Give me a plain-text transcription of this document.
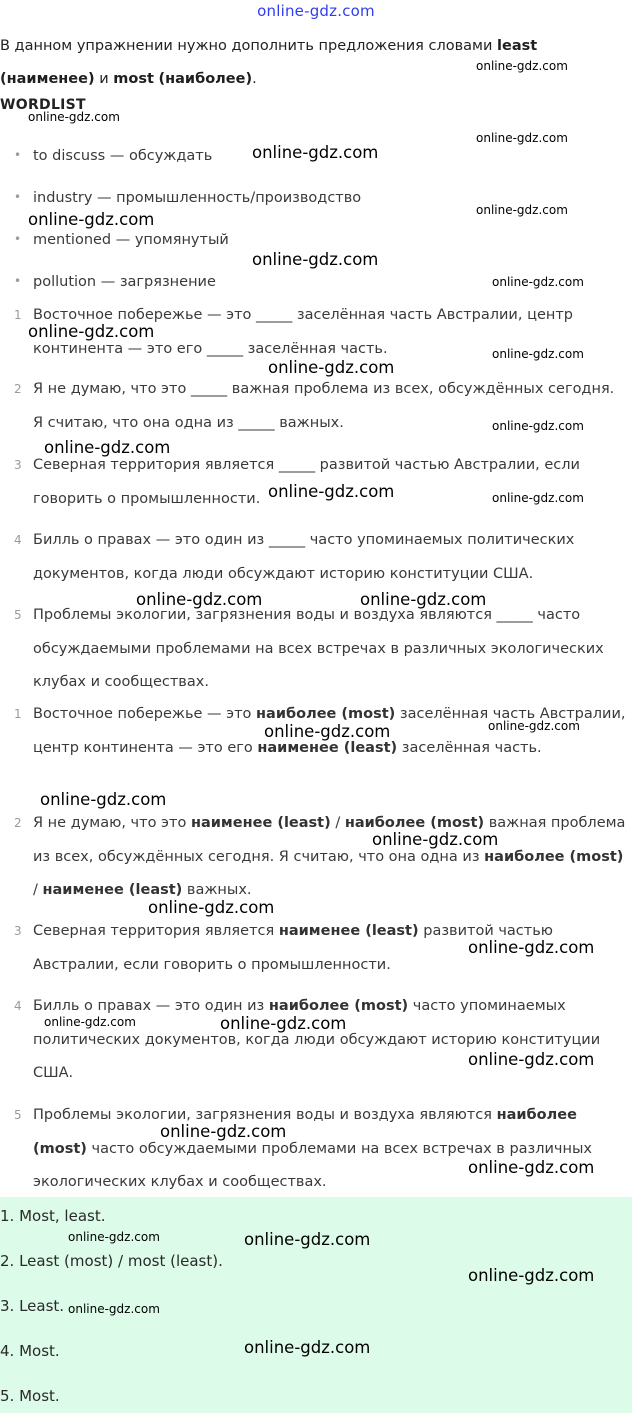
online-gdz.com
В данном упражнении нужно дополнить предложения словами least
(наименее) и most (наиболее).
WORDLIST
• to discuss — обсуждать
• industry — промышленность/производство
• mentioned — упомянутый
• pollution — загрязнение
1 Восточное побережье — это _____ заселённая часть Австралии, центр континента — это его _____ заселённая часть.
2 Я не думаю, что это _____ важная проблема из всех, обсуждённых сегодня. Я считаю, что она одна из _____ важных.
3 Северная территория является _____ развитой частью Австралии, если говорить о промышленности.
4 Билль о правах — это один из _____ часто упоминаемых политических документов, когда люди обсуждают историю конституции США.
5 Проблемы экологии, загрязнения воды и воздуха являются _____ часто обсуждаемыми проблемами на всех встречах в различных экологических клубах и сообществах.
1 Восточное побережье — это наиболее (most) заселённая часть Австралии, центр континента — это его наименее (least) заселённая часть.
2 Я не думаю, что это наименее (least) / наиболее (most) важная проблема из всех, обсуждённых сегодня. Я считаю, что она одна из наиболее (most) / наименее (least) важных.
3 Северная территория является наименее (least) развитой частью Австралии, если говорить о промышленности.
4 Билль о правах — это один из наиболее (most) часто упоминаемых политических документов, когда люди обсуждают историю конституции США.
5 Проблемы экологии, загрязнения воды и воздуха являются наиболее (most) часто обсуждаемыми проблемами на всех встречах в различных экологических клубах и сообществах.
1. Most, least.
2. Least (most) / most (least).
3. Least.
4. Most.
5. Most.
online-gdz.com
online-gdz.com
online-gdz.com
online-gdz.com
online-gdz.com
online-gdz.com
online-gdz.com
online-gdz.com
online-gdz.com
online-gdz.com
online-gdz.com
online-gdz.com
online-gdz.com
online-gdz.com	online-gdz.com
online-gdz.com	online-gdz.com
online-gdz.com
online-gdz.com
online-gdz.com
online-gdz.com
online-gdz.com
online-gdz.com
online-gdz.com	online-gdz.com
online-gdz.com
online-gdz.com
online-gdz.com
online-gdz.com	online-gdz.com
online-gdz.com
online-gdz.com
online-gdz.com
